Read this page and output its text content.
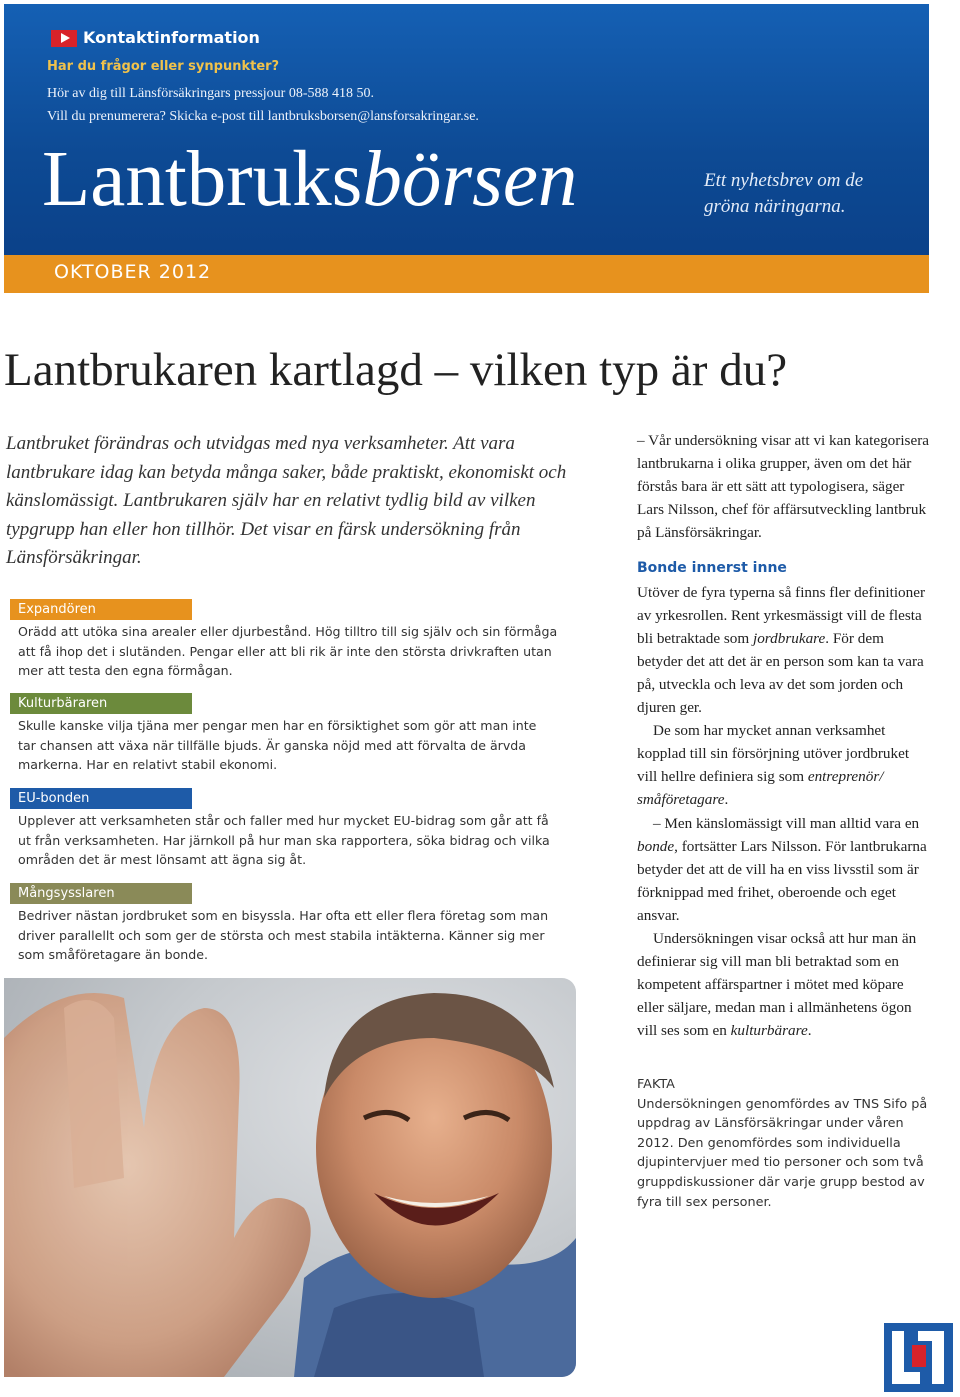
Kontaktinformation
Har du frågor eller synpunkter?
Hör av dig till Länsförsäkringars pressjour 08-588 418 50.
Vill du prenumerera? Skicka e-post till lantbruksborsen@lansforsakringar.se.
Lantbruksbörsen	Ett nyhetsbrev om de
gröna näringarna.
OKTOBER 2012
Lantbrukaren kartlagd – vilken typ är du?
Lantbruket förändras och utvidgas med nya verksamheter. Att vara lantbrukare idag kan betyda många saker, både praktiskt, ekonomiskt och känslomässigt. Lantbrukaren själv har en relativt tydlig bild av vilken typgrupp han eller hon tillhör. Det visar en färsk undersökning från Länsförsäkringar.
Expandören
Orädd att utöka sina arealer eller djurbestånd. Hög tilltro till sig själv och sin förmåga att få ihop det i slutänden. Pengar eller att bli rik är inte den största drivkraften utan mer att testa den egna förmågan.
Kulturbäraren
Skulle kanske vilja tjäna mer pengar men har en försiktighet som gör att man inte tar chansen att växa när tillfälle bjuds. Är ganska nöjd med att förvalta de ärvda markerna. Har en relativt stabil ekonomi.
EU-bonden
Upplever att verksamheten står och faller med hur mycket EU-bidrag som går att få ut från verksamheten. Har järnkoll på hur man ska rapportera, söka bidrag och vilka områden det är mest lönsamt att ägna sig åt.
Mångsysslaren
Bedriver nästan jordbruket som en bisyssla. Har ofta ett eller flera företag som man driver parallellt och som ger de största och mest stabila intäkterna. Känner sig mer som småföretagare än bonde.

– Vår undersökning visar att vi kan kategorisera lantbrukarna i olika grupper, även om det här förstås bara är ett sätt att typologisera, säger Lars Nilsson, chef för affärsutveckling lantbruk på Länsförsäkringar.

Bonde innerst inne

Utöver de fyra typerna så finns fler definitioner av yrkesrollen. Rent yrkesmässigt vill de flesta bli betraktade som jordbrukare. För dem betyder det att det är en person som kan ta vara på, utveckla och leva av det som jorden och djuren ger.

De som har mycket annan verksamhet kopplad till sin försörjning utöver jordbruket vill hellre definiera sig som entreprenör/ småföretagare.

– Men känslomässigt vill man alltid vara en bonde, fortsätter Lars Nilsson. För lantbrukarna betyder det att de vill ha en viss livsstil som är förknippad med frihet, oberoende och eget ansvar.

Undersökningen visar också att hur man än definierar sig vill man bli betraktad som en kompetent affärspartner i mötet med köpare eller säljare, medan man i allmänhetens ögon vill ses som en kulturbärare.

FAKTA
Undersökningen genomfördes av TNS Sifo på uppdrag av Länsförsäkringar under våren 2012. Den genomfördes som individuella djupintervjuer med tio personer och som två gruppdiskussioner där varje grupp bestod av fyra till sex personer.
